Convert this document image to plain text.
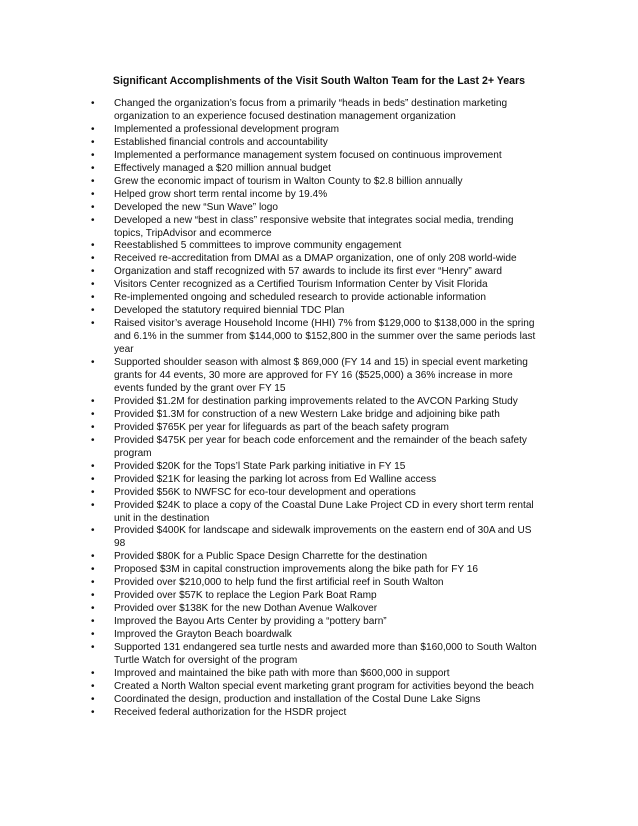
Significant Accomplishments of the Visit South Walton Team for the Last 2+ Years
• Changed the organization’s focus from a primarily “heads in beds” destination marketing organization to an experience focused destination management organization
• Implemented a professional development program
• Established financial controls and accountability
• Implemented a performance management system focused on continuous improvement
• Effectively managed a $20 million annual budget
• Grew the economic impact of tourism in Walton County to $2.8 billion annually
• Helped grow short term rental income by 19.4%
• Developed the new “Sun Wave” logo
• Developed a new “best in class” responsive website that integrates social media, trending topics, TripAdvisor and ecommerce
• Reestablished 5 committees to improve community engagement
• Received re-accreditation from DMAI as a DMAP organization, one of only 208 world-wide
• Organization and staff recognized with 57 awards to include its first ever “Henry” award
• Visitors Center recognized as a Certified Tourism Information Center by Visit Florida
• Re-implemented ongoing and scheduled research to provide actionable information
• Developed the statutory required biennial TDC Plan
• Raised visitor’s average Household Income (HHI) 7% from $129,000 to $138,000 in the spring and 6.1% in the summer from $144,000 to $152,800 in the summer over the same periods last year
• Supported shoulder season with almost $ 869,000 (FY 14 and 15) in special event marketing grants for 44 events, 30 more are approved for FY 16 ($525,000) a 36% increase in more events funded by the grant over FY 15
• Provided $1.2M for destination parking improvements related to the AVCON Parking Study
• Provided $1.3M for construction of a new Western Lake bridge and adjoining bike path
• Provided $765K per year for lifeguards as part of the beach safety program
• Provided $475K per year for beach code enforcement and the remainder of the beach safety program
• Provided $20K for the Tops’l State Park parking initiative in FY 15
• Provided $21K for leasing the parking lot across from Ed Walline access
• Provided $56K to NWFSC for eco-tour development and operations
• Provided $24K to place a copy of the Coastal Dune Lake Project CD in every short term rental unit in the destination
• Provided $400K for landscape and sidewalk improvements on the eastern end of 30A and US 98
• Provided $80K for a Public Space Design Charrette for the destination
• Proposed $3M in capital construction improvements along the bike path for FY 16
• Provided over $210,000 to help fund the first artificial reef in South Walton
• Provided over $57K to replace the Legion Park Boat Ramp
• Provided over $138K for the new Dothan Avenue Walkover
• Improved the Bayou Arts Center by providing a “pottery barn”
• Improved the Grayton Beach boardwalk
• Supported 131 endangered sea turtle nests and awarded more than $160,000 to South Walton Turtle Watch for oversight of the program
• Improved and maintained the bike path with more than $600,000 in support
• Created a North Walton special event marketing grant program for activities beyond the beach
• Coordinated the design, production and installation of the Costal Dune Lake Signs
• Received federal authorization for the HSDR project
